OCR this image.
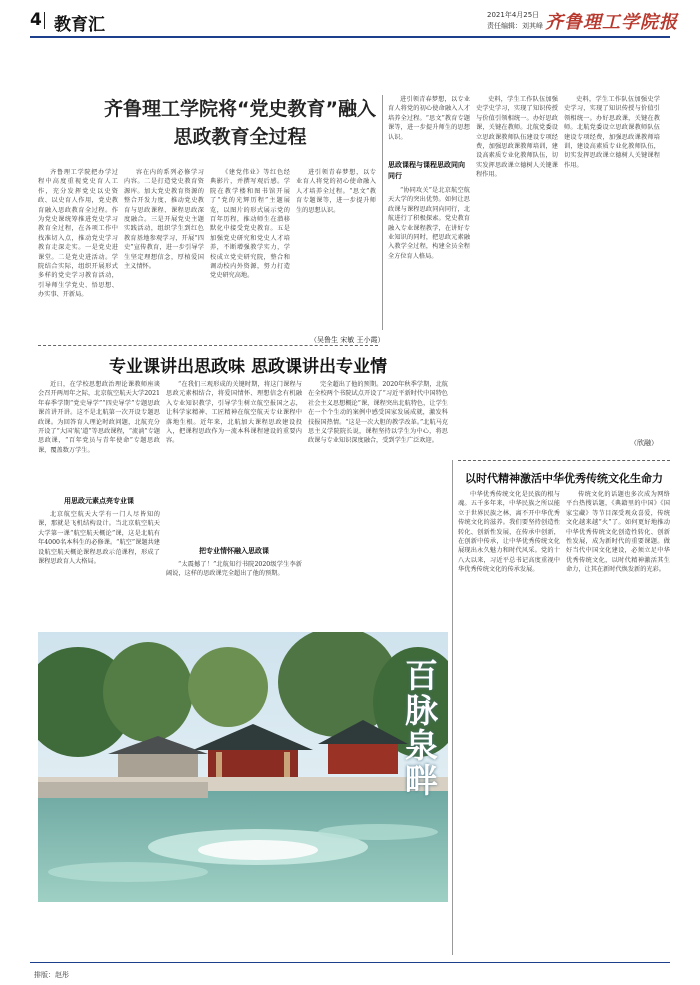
4 教育汇	2021年4月25日
责任编辑：刘其峰 齐鲁理工学院报
齐鲁理工学院将“党史教育”融入
思政教育全过程

齐鲁理工学院把办学过程中高度重视党史育人工作，充分发挥党史以史资政、以史育人作用，党史教育融入思政教育全过程。作为党史课统筹推进党史学习教育全过程，在各项工作中找准切入点，推动党史学习教育走深走实。一是党史进课堂。二是党史进活动。学院结合实际，组织开展形式多样的党史学习教育活动，引导师生学党史、悟思想、办实事、开新局。

容在内的系列必修学习内容。二是打造党史教育资源库。加大党史教育资源的整合开发力度，推动党史教育与思政课程、课程思政深度融合。三是开展党史主题实践活动，组织学生到红色教育基地参观学习，开展“四史”宣传教育，进一步引导学生坚定理想信念，厚植爱国主义情怀。

《建党伟业》等红色经典影片，并撰写观后感。学院在教学楼和图书馆开展了“党的光辉历程”主题展览，以图片的形式展示党的百年历程，推动师生在潜移默化中接受党史教育。五是加强党史研究和党史人才培养，不断增强教学实力，学校成立党史研究院，整合和调动校内外资源，努力打造党史研究高地。

进引领青春梦想，以专业育人将党的初心使命融入人才培养全过程。“思文”教育专题课等，进一步提升师生的思想认识。

（吴鲁生 宋敏 王小霞）

进引领青春梦想，以专业育人将党的初心使命融入人才培养全过程。“思文”教育专题课等，进一步提升师生的思想认识。

思政课程与课程思政同向同行

“协同攻关”是北京航空航天大学的突出优势。如何让思政课与课程思政同向同行，北航进行了积极探索。党史教育融入专业课程教学，在讲好专业知识的同时，把思政元素融入教学全过程，构建全员全程全方位育人格局。

史料，学生工作队伍加强史学史学习，实现了知识传授与价值引领相统一。办好思政课，关键在教师。北航党委设立思政课教师队伍建设专项经费，加强思政课教师培训，建设高素质专业化教师队伍，切实发挥思政课立德树人关键课程作用。

史料，学生工作队伍加强史学史学习，实现了知识传授与价值引领相统一。办好思政课，关键在教师。北航党委设立思政课教师队伍建设专项经费，加强思政课教师培训，建设高素质专业化教师队伍，切实发挥思政课立德树人关键课程作用。

（欣融）
专业课讲出思政味 思政课讲出专业情

近日，在学校思想政治理论课教师座谈会召开两周年之际，北京航空航天大学2021年春季学期“党史导学”“四史导学”专题思政课首讲开讲。这不是北航第一次开设专题思政课。为回答育人理论时政问题，北航充分开设了“大国‘航’道”等思政课程，“流淌”专题思政课，“百年党员与青年使命”专题思政课，覆盖数万学生。

用思政元素点亮专业课

北京航空航天大学有一门人尽皆知的课，那就是飞机结构设计。当北京航空航天大学第一课“航空航天概论”课，这是北航有年4000名本科生的必修课。“航空”课题共建设航空航天概论课程思政示范课程，形成了课程思政育人大格局。

“在我们三观形成的关键时期，将这门课程与思政元素相结合，将爱国情怀、理想信念有机融入专业知识教学，引导学生树立航空报国之志，让科学家精神、工匠精神在航空航天专业课程中落地生根。近年来，北航加大课程思政建设投入，把课程思政作为一流本科课程建设的重要内容。

把专业情怀融入思政课

“太震撼了！”北航知行书院2020级学生李新阔说，这样的思政课完全超出了他的预期。

完全超出了他的预期。2020年秋季学期，北航在全校两个书院试点开设了“习近平新时代中国特色社会主义思想概论”课，课程突出北航特色，让学生在一个个生动的案例中感受国家发展成就，激发科技报国热情。“这是一次大胆的教学改革。”北航马克思主义学院院长说，课程坚持以学生为中心，将思政课与专业知识深度融合，受到学生广泛欢迎。

百脉泉畔
以时代精神激活中华优秀传统文化生命力

中华优秀传统文化是民族的根与魂。五千多年来，中华民族之所以能立于世界民族之林，离不开中华优秀传统文化的滋养。我们要坚持创造性转化、创新性发展，在传承中创新，在创新中传承，让中华优秀传统文化展现出永久魅力和时代风采。党的十八大以来，习近平总书记高度重视中华优秀传统文化的传承发展。

传统文化的话题也多次成为网络平台热搜话题，《典籍里的中国》《国家宝藏》等节目深受观众喜爱，传统文化越来越“火”了。如何更好地推动中华优秀传统文化创造性转化、创新性发展，成为新时代的重要课题。做好当代中国文化建设，必须立足中华优秀传统文化，以时代精神激活其生命力，让其在新时代焕发新的光彩。

排版：赵彤
